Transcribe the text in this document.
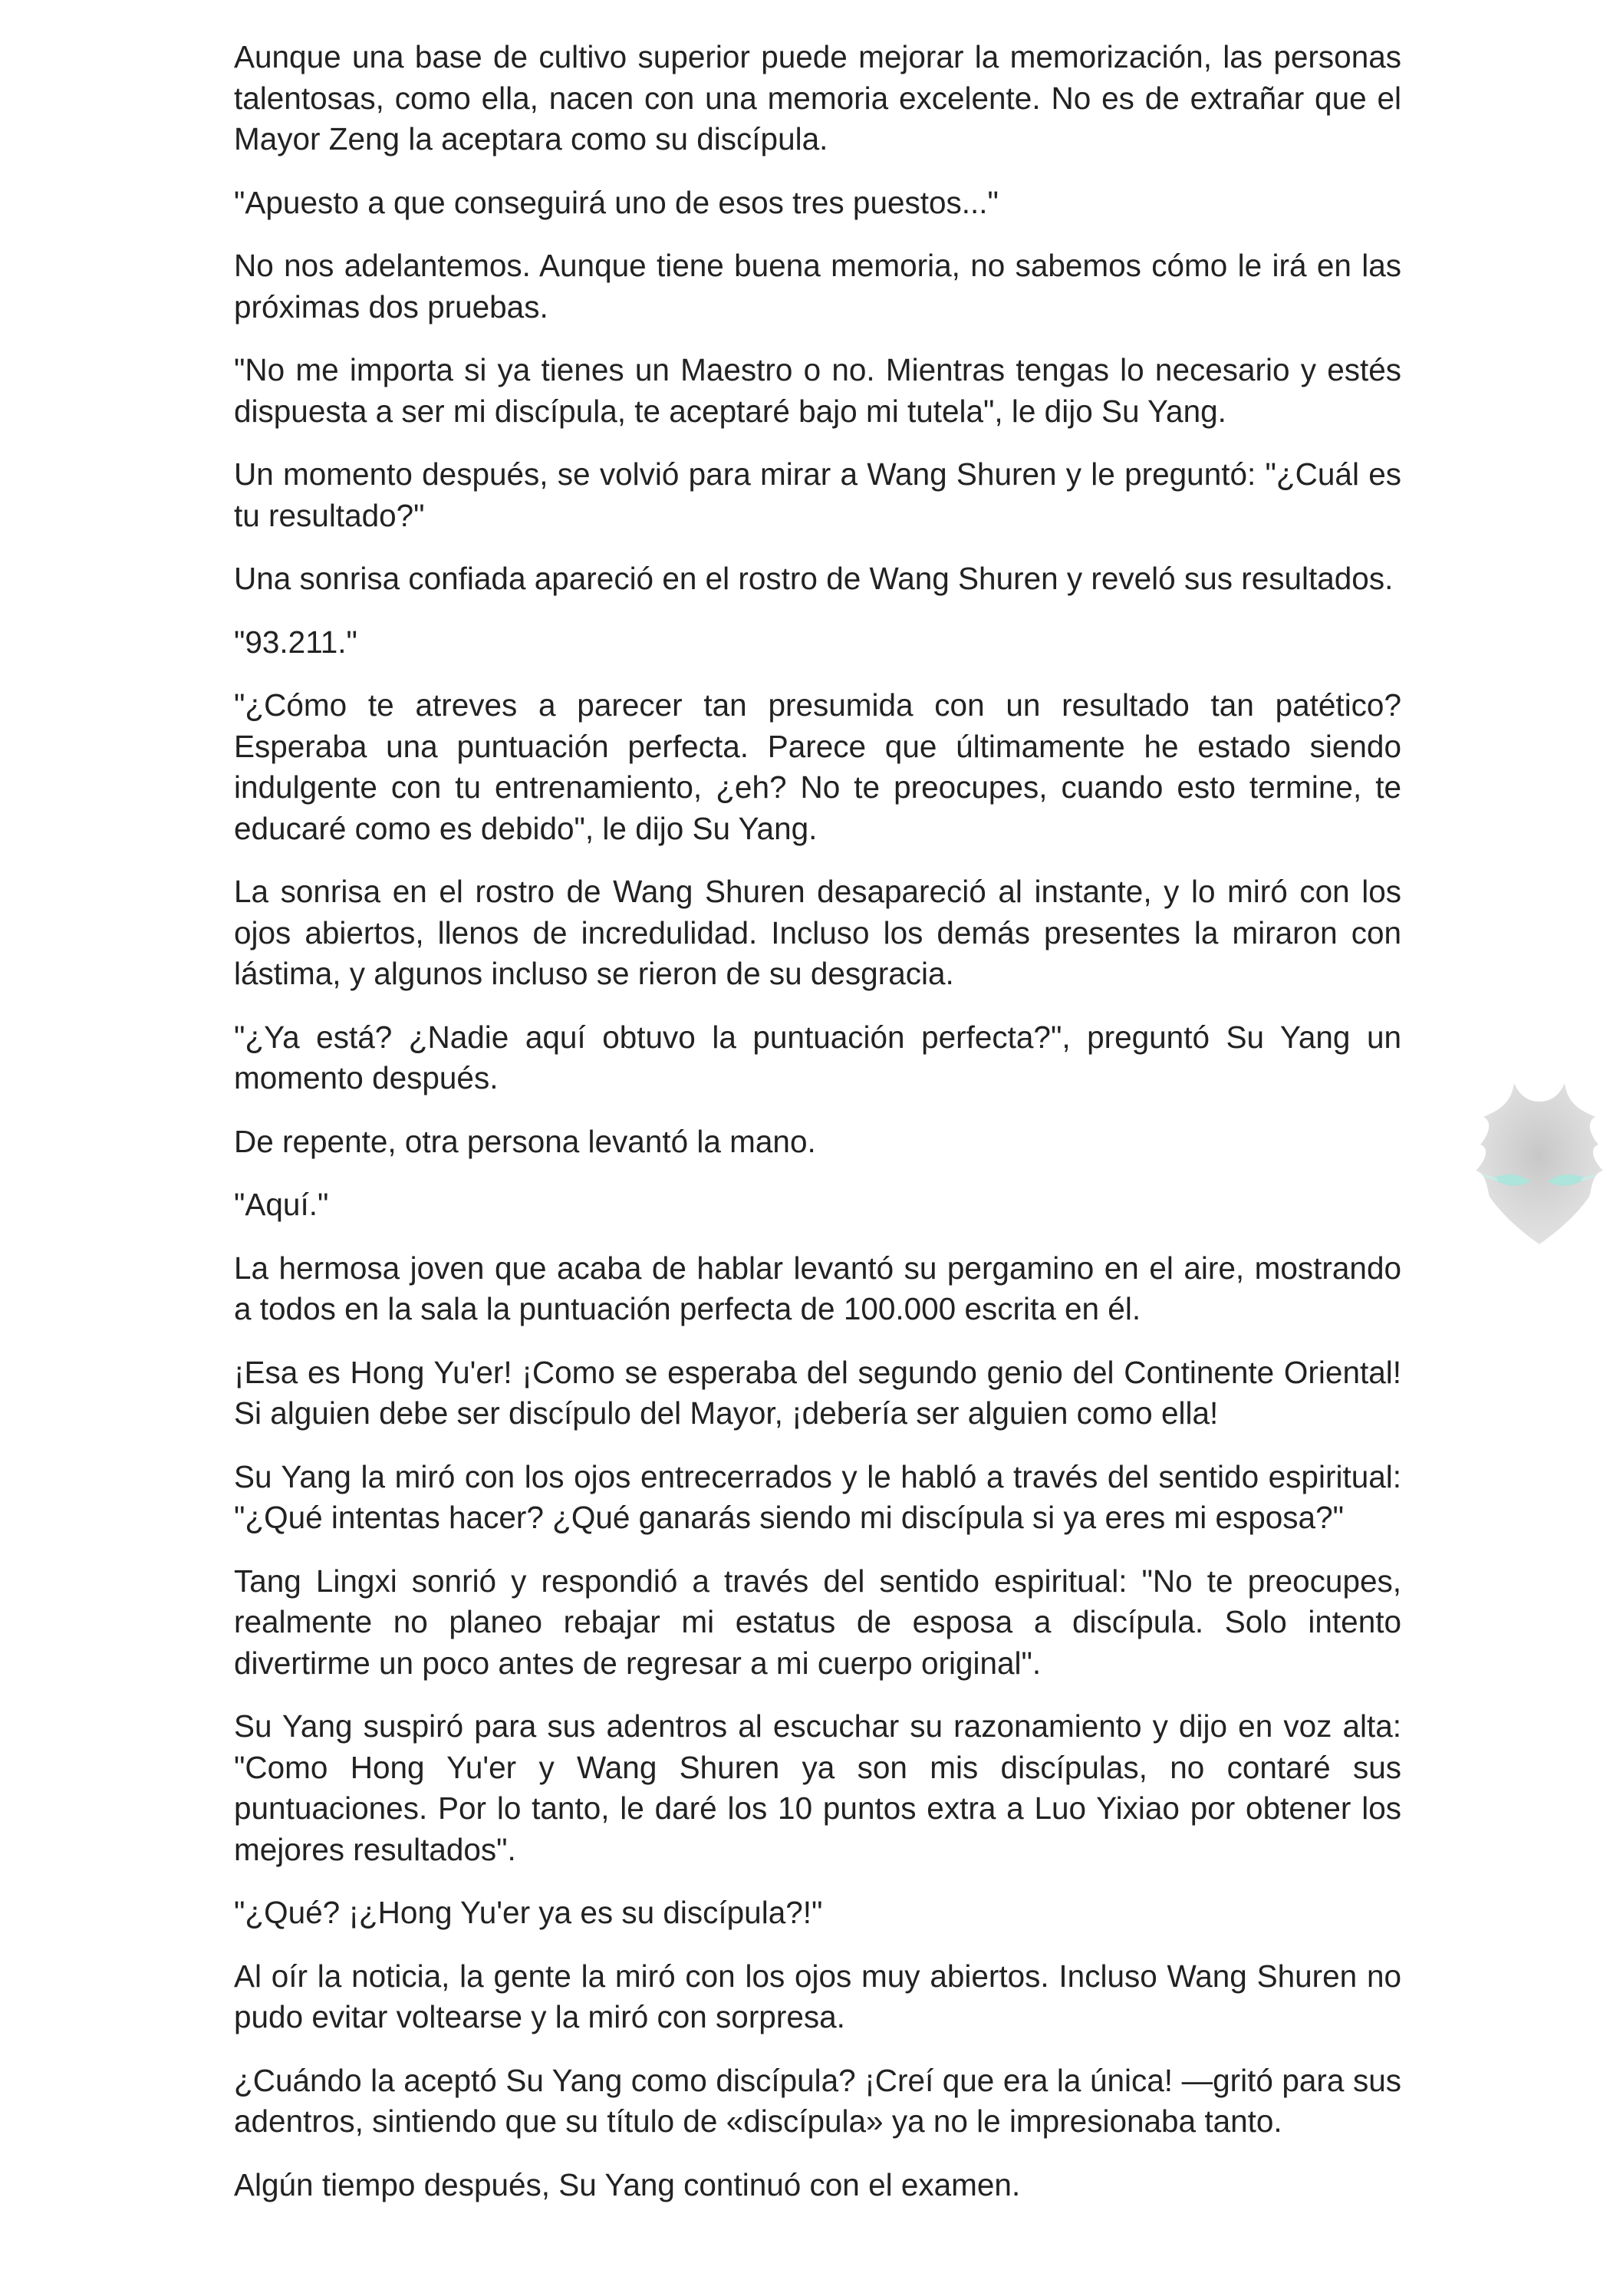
Aunque una base de cultivo superior puede mejorar la memorización, las personas talentosas, como ella, nacen con una memoria excelente. No es de extrañar que el Mayor Zeng la aceptara como su discípula.

"Apuesto a que conseguirá uno de esos tres puestos..."

No nos adelantemos. Aunque tiene buena memoria, no sabemos cómo le irá en las próximas dos pruebas.

"No me importa si ya tienes un Maestro o no. Mientras tengas lo necesario y estés dispuesta a ser mi discípula, te aceptaré bajo mi tutela", le dijo Su Yang.

Un momento después, se volvió para mirar a Wang Shuren y le preguntó: "¿Cuál es tu resultado?"

Una sonrisa confiada apareció en el rostro de Wang Shuren y reveló sus resultados.

"93.211."

"¿Cómo te atreves a parecer tan presumida con un resultado tan patético? Esperaba una puntuación perfecta. Parece que últimamente he estado siendo indulgente con tu entrenamiento, ¿eh? No te preocupes, cuando esto termine, te educaré como es debido", le dijo Su Yang.

La sonrisa en el rostro de Wang Shuren desapareció al instante, y lo miró con los ojos abiertos, llenos de incredulidad. Incluso los demás presentes la miraron con lástima, y algunos incluso se rieron de su desgracia.

"¿Ya está? ¿Nadie aquí obtuvo la puntuación perfecta?", preguntó Su Yang un momento después.

De repente, otra persona levantó la mano.

"Aquí."

La hermosa joven que acaba de hablar levantó su pergamino en el aire, mostrando a todos en la sala la puntuación perfecta de 100.000 escrita en él.

¡Esa es Hong Yu'er! ¡Como se esperaba del segundo genio del Continente Oriental! Si alguien debe ser discípulo del Mayor, ¡debería ser alguien como ella!

Su Yang la miró con los ojos entrecerrados y le habló a través del sentido espiritual: "¿Qué intentas hacer? ¿Qué ganarás siendo mi discípula si ya eres mi esposa?"

Tang Lingxi sonrió y respondió a través del sentido espiritual: "No te preocupes, realmente no planeo rebajar mi estatus de esposa a discípula. Solo intento divertirme un poco antes de regresar a mi cuerpo original".

Su Yang suspiró para sus adentros al escuchar su razonamiento y dijo en voz alta: "Como Hong Yu'er y Wang Shuren ya son mis discípulas, no contaré sus puntuaciones. Por lo tanto, le daré los 10 puntos extra a Luo Yixiao por obtener los mejores resultados".

"¿Qué? ¡¿Hong Yu'er ya es su discípula?!"

Al oír la noticia, la gente la miró con los ojos muy abiertos. Incluso Wang Shuren no pudo evitar voltearse y la miró con sorpresa.

¿Cuándo la aceptó Su Yang como discípula? ¡Creí que era la única! —gritó para sus adentros, sintiendo que su título de «discípula» ya no le impresionaba tanto.

Algún tiempo después, Su Yang continuó con el examen.
